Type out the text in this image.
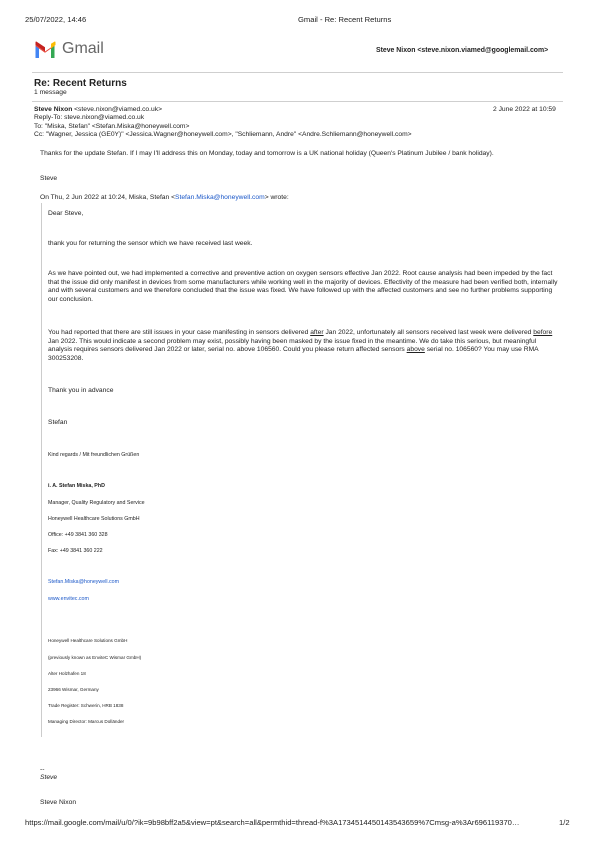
25/07/2022, 14:46	Gmail - Re: Recent Returns
Gmail	Steve Nixon <steve.nixon.viamed@googlemail.com>
Re: Recent Returns
1 message
Steve Nixon <steve.nixon@viamed.co.uk>	2 June 2022 at 10:59
Reply-To: steve.nixon@viamed.co.uk
To: "Miska, Stefan" <Stefan.Miska@honeywell.com>
Cc: "Wagner, Jessica (GE0Y)" <Jessica.Wagner@honeywell.com>, "Schliemann, Andre" <Andre.Schliemann@honeywell.com>
Thanks for the update Stefan. If I may I'll address this on Monday, today and tomorrow is a UK national holiday (Queen's Platinum Jubilee / bank holiday).
Steve
On Thu, 2 Jun 2022 at 10:24, Miska, Stefan <Stefan.Miska@honeywell.com> wrote:
Dear Steve,
thank you for returning the sensor which we have received last week.
As we have pointed out, we had implemented a corrective and preventive action on oxygen sensors effective Jan 2022. Root cause analysis had been impeded by the fact that the issue did only manifest in devices from some manufacturers while working well in the majority of devices. Effectivity of the measure had been verified both, internally and with several customers and we therefore concluded that the issue was fixed. We have followed up with the affected customers and see no further problems supporting our conclusion.
You had reported that there are still issues in your case manifesting in sensors delivered after Jan 2022, unfortunately all sensors received last week were delivered before Jan 2022. This would indicate a second problem may exist, possibly having been masked by the issue fixed in the meantime. We do take this serious, but meaningful analysis requires sensors delivered Jan 2022 or later, serial no. above 106560. Could you please return affected sensors above serial no. 106560? You may use RMA 300253208.
Thank you in advance
Stefan
Kind regards / Mit freundlichen Grüßen
i. A. Stefan Miska, PhD
Manager, Quality Regulatory and Service
Honeywell Healthcare Solutions GmbH
Office: +49 3841 360 328
Fax: +49 3841 360 222
Stefan.Miska@honeywell.com
www.envitec.com
Honeywell Healthcare Solutions GmbH
(previously known as EnviteC Wismar GmbH)
Alter Holzhafen 18
23966 Wismar, Germany
Trade Register: Schwerin, HRB 1838
Managing Director: Marcus Dolländer
--
Steve
Steve Nixon
https://mail.google.com/mail/u/0/?ik=9b98bff2a5&view=pt&search=all&permthid=thread-f%3A1734514450143543659%7Cmsg-a%3Ar696119370…	1/2
